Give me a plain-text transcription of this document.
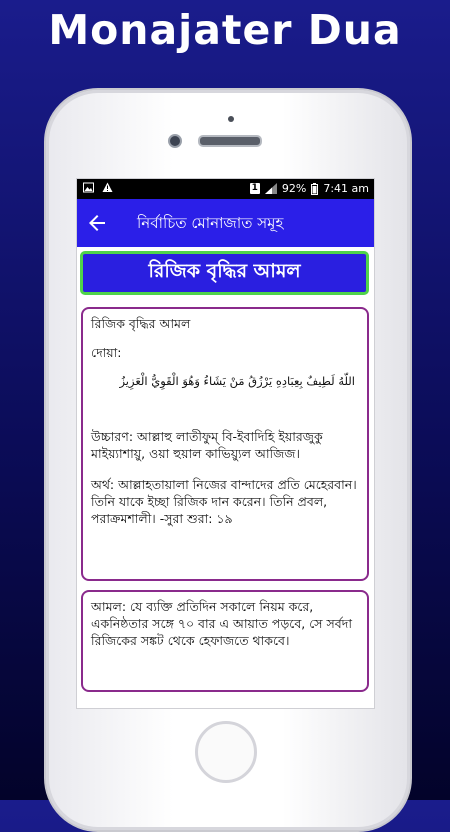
Monajater Dua
1 92% 7:41 am
নির্বাচিত মোনাজাত সমূহ
রিজিক বৃদ্ধির আমল

রিজিক বৃদ্ধির আমল

দোয়া:

اللّهُ لَطِيفٌ بِعِبَادِهِ يَرْزُقُ مَنْ يَشَاءُ وَهُوَ الْقَوِيُّ الْعَزِيزُ

উচ্চারণ: আল্লাহু লাতীফুম্ বি-ইবাদিহি ইয়ারজুকু মাইয়্যাশায়ু, ওয়া হুয়াল কাভিয়্যুল আজিজ।

অর্থ: আল্লাহতায়ালা নিজের বান্দাদের প্রতি মেহেরবান। তিনি যাকে ইচ্ছা রিজিক দান করেন। তিনি প্রবল, পরাক্রমশালী। -সুরা শুরা: ১৯

আমল: যে ব্যক্তি প্রতিদিন সকালে নিয়ম করে, একনিষ্ঠতার সঙ্গে ৭০ বার এ আয়াত পড়বে, সে সর্বদা রিজিকের সঙ্কট থেকে হেফাজতে থাকবে।
